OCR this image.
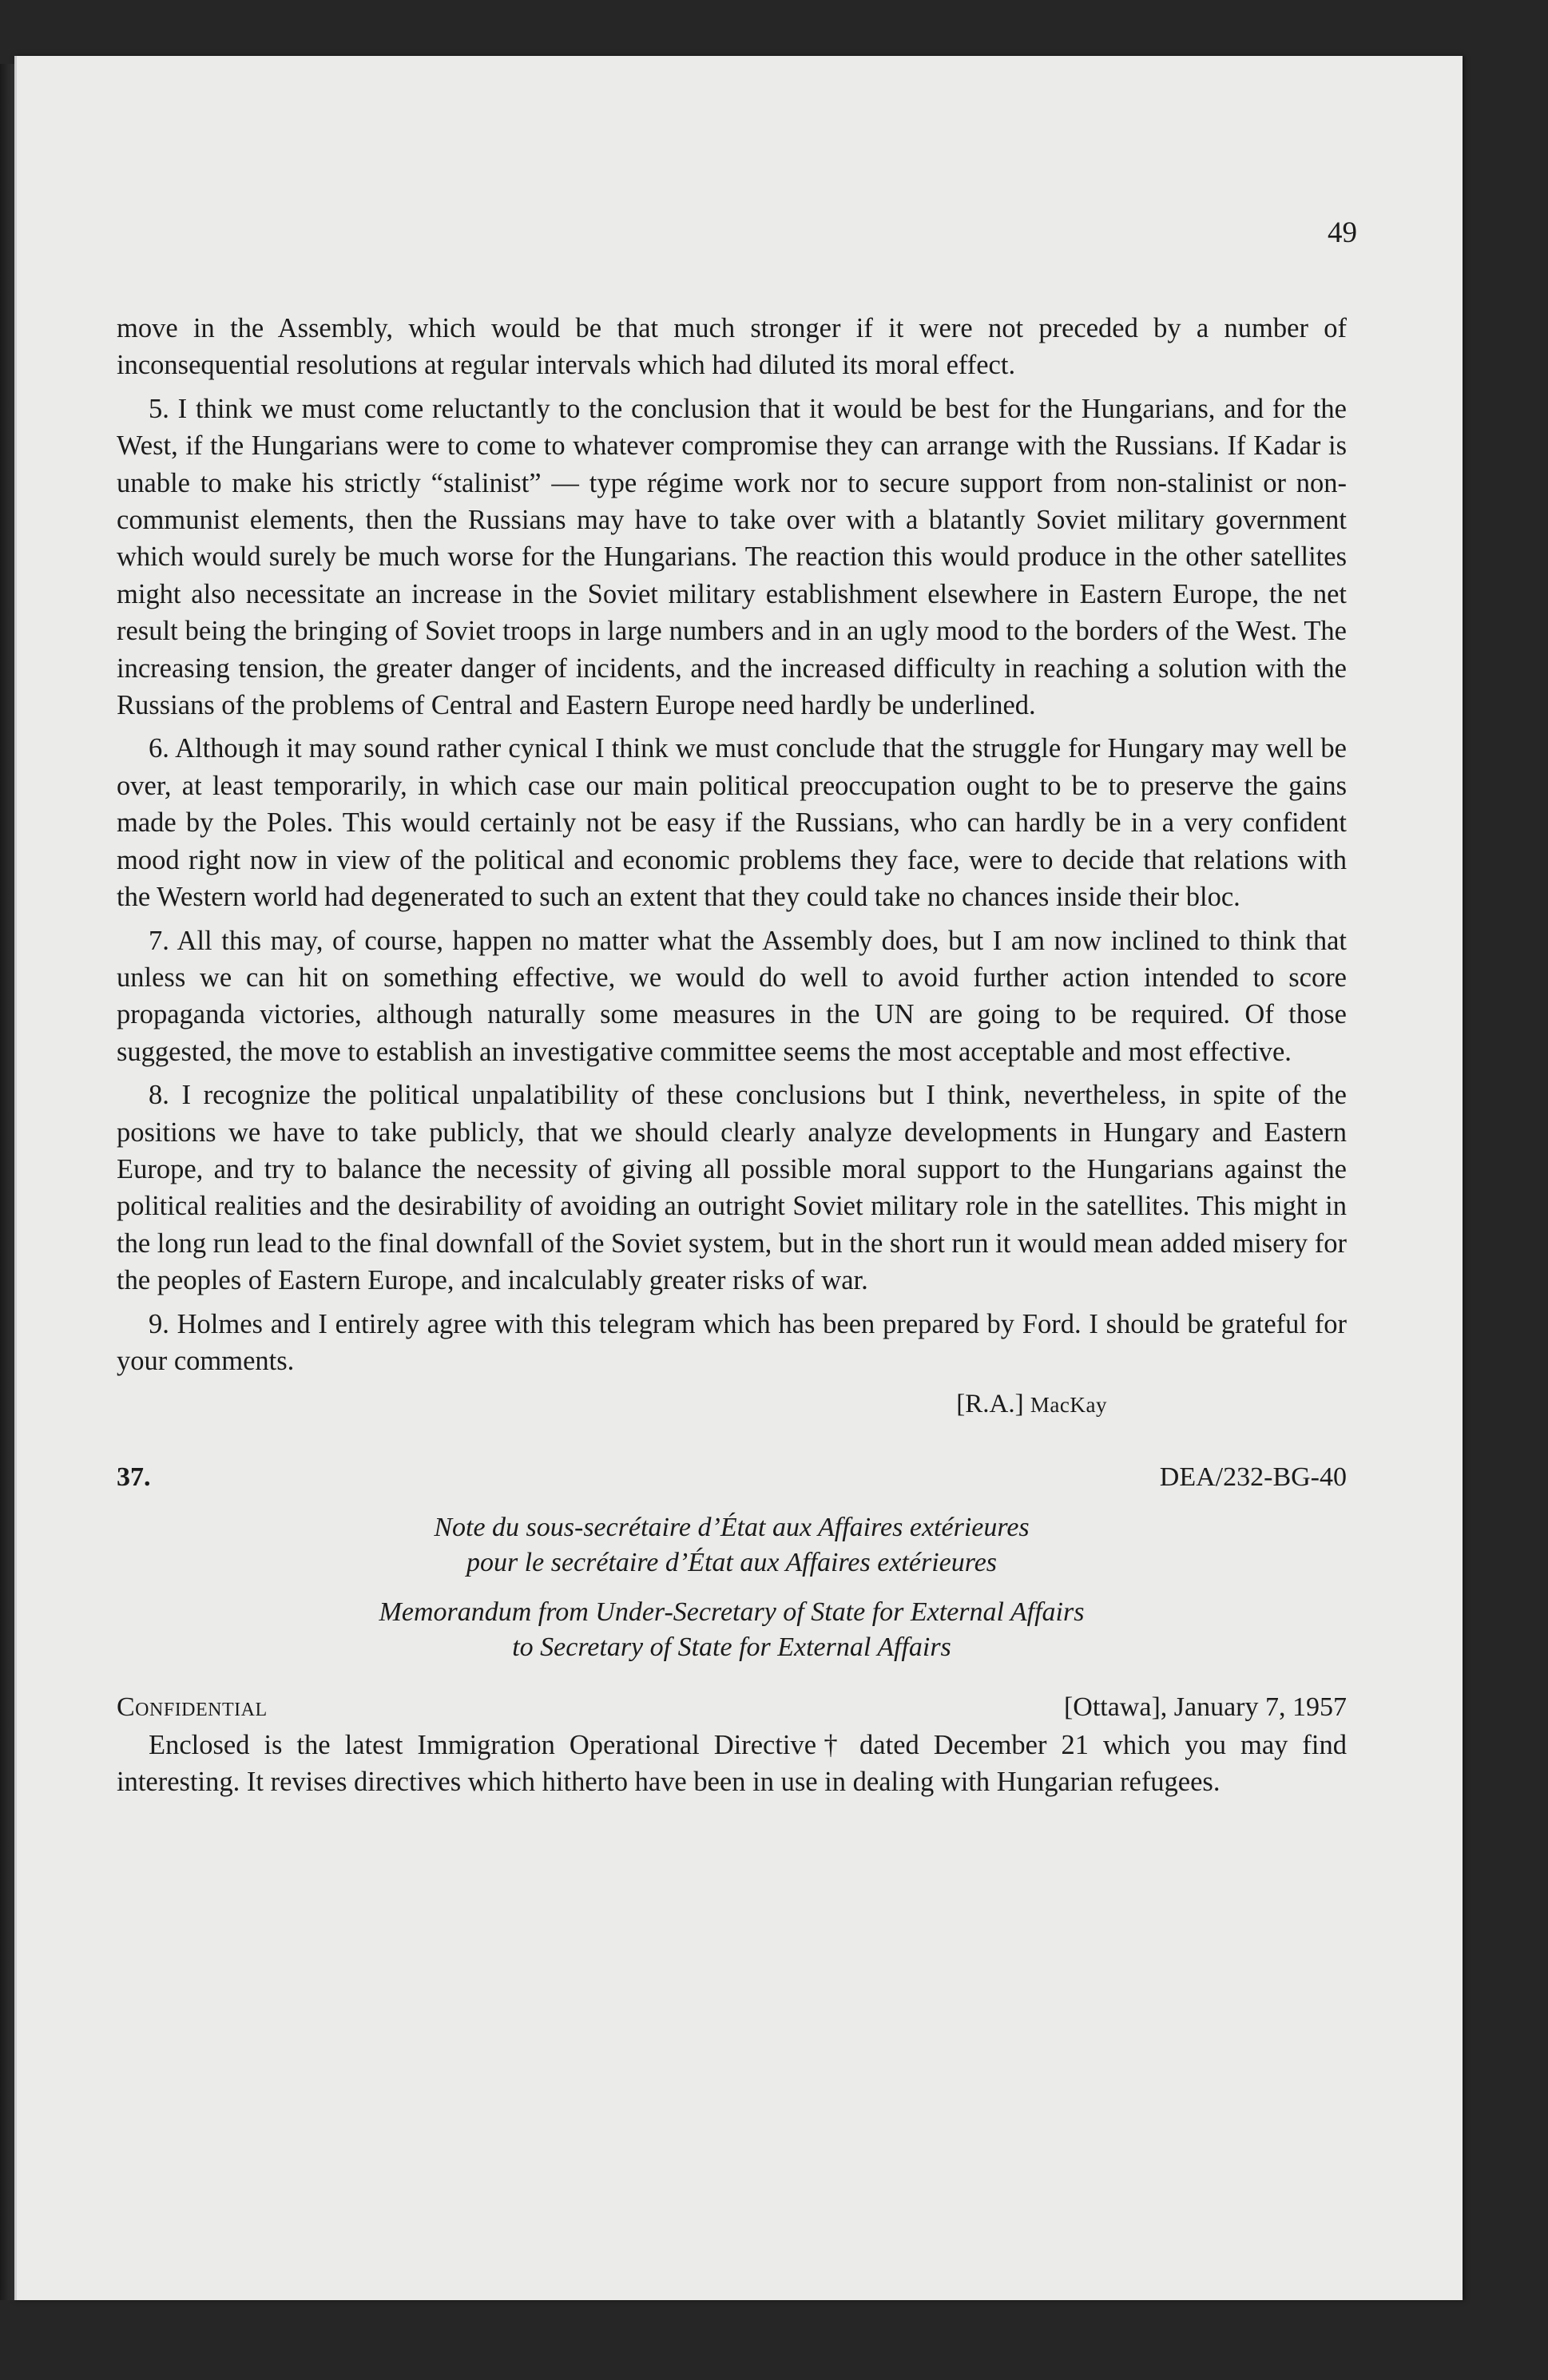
49

move in the Assembly, which would be that much stronger if it were not preceded by a number of inconsequential resolutions at regular intervals which had diluted its moral effect.

5. I think we must come reluctantly to the conclusion that it would be best for the Hungarians, and for the West, if the Hungarians were to come to whatever compromise they can arrange with the Russians. If Kadar is unable to make his strictly “stalinist” — type régime work nor to secure support from non-stalinist or non-communist elements, then the Russians may have to take over with a blatantly Soviet military government which would surely be much worse for the Hungarians. The reaction this would produce in the other satellites might also necessitate an increase in the Soviet military establishment elsewhere in Eastern Europe, the net result being the bringing of Soviet troops in large numbers and in an ugly mood to the borders of the West. The increasing tension, the greater danger of incidents, and the increased difficulty in reaching a solution with the Russians of the problems of Central and Eastern Europe need hardly be underlined.

6. Although it may sound rather cynical I think we must conclude that the struggle for Hungary may well be over, at least temporarily, in which case our main political preoccupation ought to be to preserve the gains made by the Poles. This would certainly not be easy if the Russians, who can hardly be in a very confident mood right now in view of the political and economic problems they face, were to decide that relations with the Western world had degenerated to such an extent that they could take no chances inside their bloc.

7. All this may, of course, happen no matter what the Assembly does, but I am now inclined to think that unless we can hit on something effective, we would do well to avoid further action intended to score propaganda victories, although naturally some measures in the UN are going to be required. Of those suggested, the move to establish an investigative committee seems the most acceptable and most effective.

8. I recognize the political unpalatibility of these conclusions but I think, nevertheless, in spite of the positions we have to take publicly, that we should clearly analyze developments in Hungary and Eastern Europe, and try to balance the necessity of giving all possible moral support to the Hungarians against the political realities and the desirability of avoiding an outright Soviet military role in the satellites. This might in the long run lead to the final downfall of the Soviet system, but in the short run it would mean added misery for the peoples of Eastern Europe, and incalculably greater risks of war.

9. Holmes and I entirely agree with this telegram which has been prepared by Ford. I should be grateful for your comments.

[R.A.] MacKay
37.	DEA/232-BG-40
Note du sous-secrétaire d’État aux Affaires extérieures
pour le secrétaire d’État aux Affaires extérieures
Memorandum from Under-Secretary of State for External Affairs
to Secretary of State for External Affairs
Confidential	[Ottawa], January 7, 1957

Enclosed is the latest Immigration Operational Directive† dated December 21 which you may find interesting. It revises directives which hitherto have been in use in dealing with Hungarian refugees.
